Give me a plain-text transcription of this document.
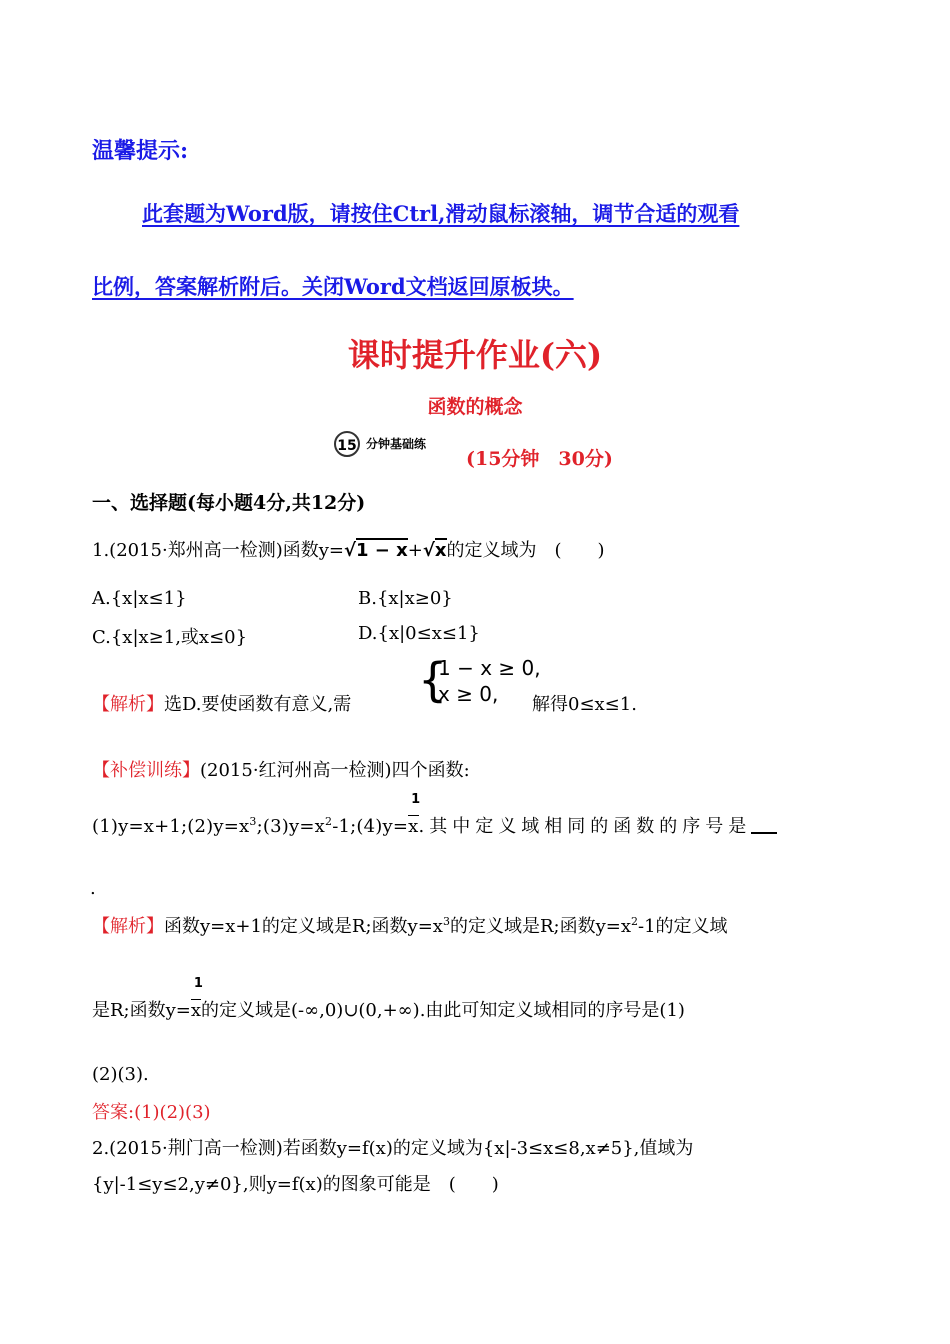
温馨提示:
此套题为Word版，请按住Ctrl,滑动鼠标滚轴，调节合适的观看
比例，答案解析附后。关闭Word文档返回原板块。
课时提升作业(六)
函数的概念
15 分钟基础练
(15分钟　30分)
一、选择题(每小题4分,共12分)
1.(2015·郑州高一检测)函数y=√1 − x+√x的定义域为　(　　)
A.{x|x≤1}	B.{x|x≥0}
C.{x|x≥1,或x≤0}	D.{x|0≤x≤1}
【解析】选D.要使函数有意义,需 {
1 − x ≥ 0,
x ≥ 0, 解得0≤x≤1.
【补偿训练】(2015·红河州高一检测)四个函数:
$(1)y=x+1;(2)y=x^3;(3)y=x^2-1;(4)y=$
1
x.其中定义域相同的函数的序号是
.
【解析】函数y=x+1的定义域是R;函数$y=x^3$的定义域是R;函数$y=x^2-1$的定义域
是R;函数y=
1
x的定义域是(-∞,0)∪(0,+∞).由此可知定义域相同的序号是(1)
(2)(3).
答案:(1)(2)(3)
2.(2015·荆门高一检测)若函数y=f(x)的定义域为{x|-3≤x≤8,x≠5},值域为
{y|-1≤y≤2,y≠0},则y=f(x)的图象可能是　(　　)
